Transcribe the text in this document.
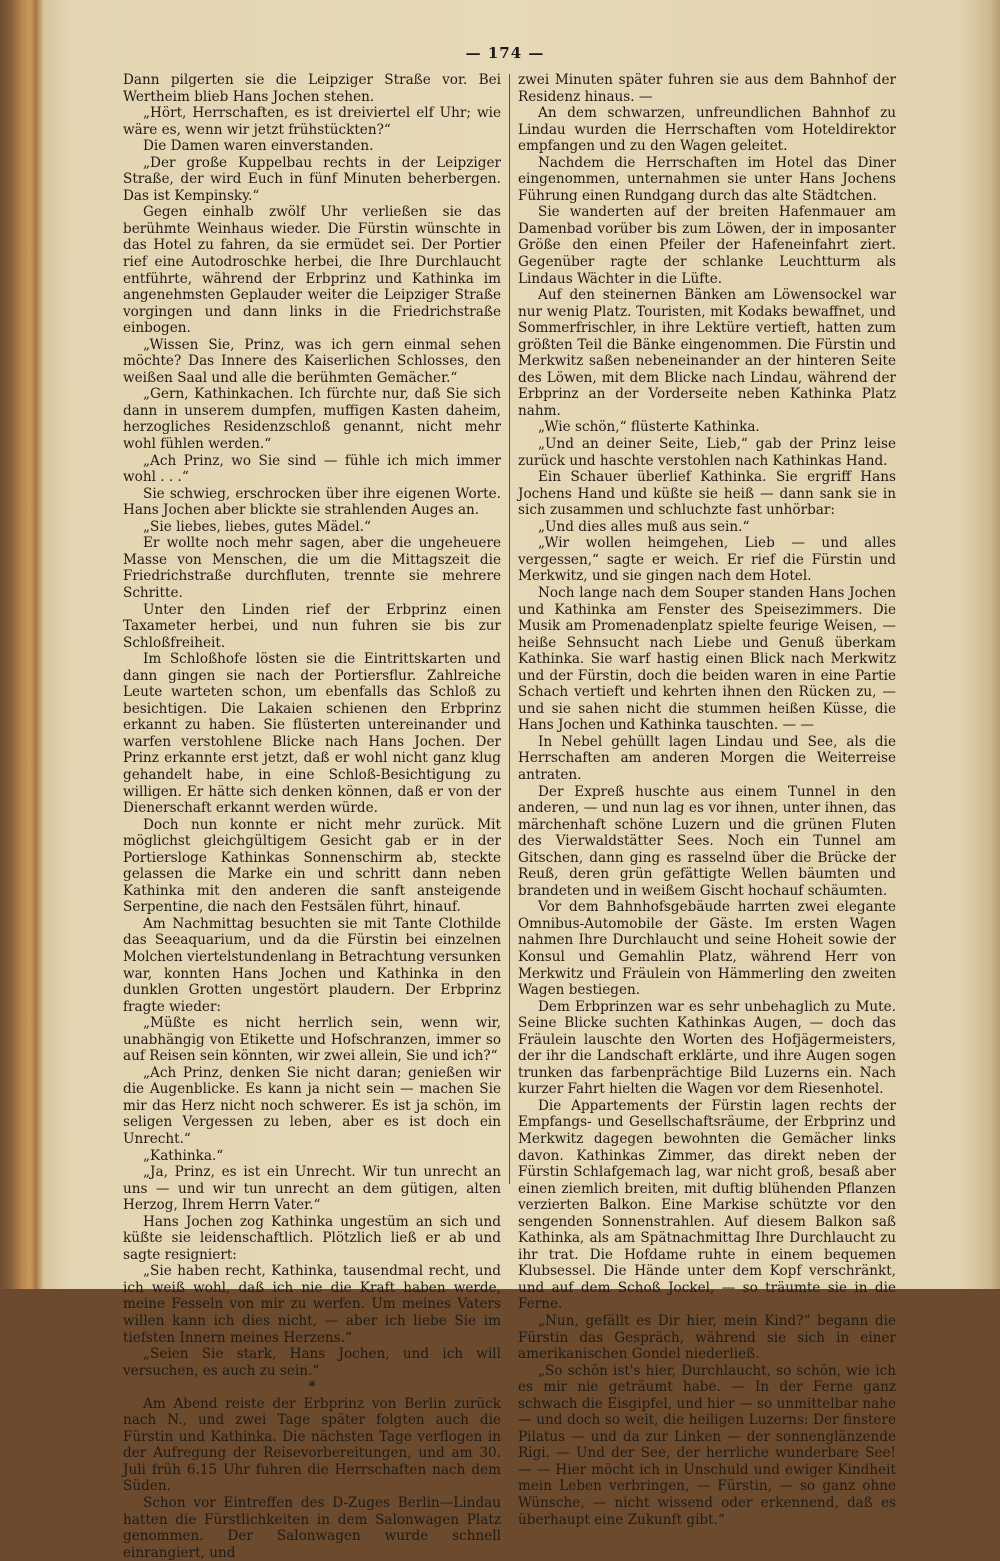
— 174 —

Dann pilgerten sie die Leipziger Straße vor. Bei Wertheim blieb Hans Jochen stehen.

„Hört, Herrschaften, es ist dreiviertel elf Uhr; wie wäre es, wenn wir jetzt frühstückten?“

Die Damen waren einverstanden.

„Der große Kuppelbau rechts in der Leipziger Straße, der wird Euch in fünf Minuten beherbergen. Das ist Kempinsky.“

Gegen einhalb zwölf Uhr verließen sie das berühmte Weinhaus wieder. Die Fürstin wünschte in das Hotel zu fahren, da sie ermüdet sei. Der Portier rief eine Autodroschke herbei, die Ihre Durchlaucht entführte, während der Erbprinz und Kathinka im angenehmsten Geplauder weiter die Leipziger Straße vorgingen und dann links in die Friedrichstraße einbogen.

„Wissen Sie, Prinz, was ich gern einmal sehen möchte? Das Innere des Kaiserlichen Schlosses, den weißen Saal und alle die berühmten Gemächer.“

„Gern, Kathinkachen. Ich fürchte nur, daß Sie sich dann in unserem dumpfen, muffigen Kasten daheim, herzogliches Residenzschloß genannt, nicht mehr wohl fühlen werden.“

„Ach Prinz, wo Sie sind — fühle ich mich immer wohl . . .“

Sie schwieg, erschrocken über ihre eigenen Worte. Hans Jochen aber blickte sie strahlenden Auges an.

„Sie liebes, liebes, gutes Mädel.“

Er wollte noch mehr sagen, aber die ungeheuere Masse von Menschen, die um die Mittagszeit die Friedrichstraße durchfluten, trennte sie mehrere Schritte.

Unter den Linden rief der Erbprinz einen Taxameter herbei, und nun fuhren sie bis zur Schloßfreiheit.

Im Schloßhofe lösten sie die Eintrittskarten und dann gingen sie nach der Portiersflur. Zahlreiche Leute warteten schon, um ebenfalls das Schloß zu besichtigen. Die Lakaien schienen den Erbprinz erkannt zu haben. Sie flüsterten untereinander und warfen verstohlene Blicke nach Hans Jochen. Der Prinz erkannte erst jetzt, daß er wohl nicht ganz klug gehandelt habe, in eine Schloß-Besichtigung zu willigen. Er hätte sich denken können, daß er von der Dienerschaft erkannt werden würde.

Doch nun konnte er nicht mehr zurück. Mit möglichst gleichgültigem Gesicht gab er in der Portiersloge Kathinkas Sonnenschirm ab, steckte gelassen die Marke ein und schritt dann neben Kathinka mit den anderen die sanft ansteigende Serpentine, die nach den Festsälen führt, hinauf.

Am Nachmittag besuchten sie mit Tante Clothilde das Seeaquarium, und da die Fürstin bei einzelnen Molchen viertelstundenlang in Betrachtung versunken war, konnten Hans Jochen und Kathinka in den dunklen Grotten ungestört plaudern. Der Erbprinz fragte wieder:

„Müßte es nicht herrlich sein, wenn wir, unabhängig von Etikette und Hofschranzen, immer so auf Reisen sein könnten, wir zwei allein, Sie und ich?“

„Ach Prinz, denken Sie nicht daran; genießen wir die Augenblicke. Es kann ja nicht sein — machen Sie mir das Herz nicht noch schwerer. Es ist ja schön, im seligen Vergessen zu leben, aber es ist doch ein Unrecht.“

„Kathinka.“

„Ja, Prinz, es ist ein Unrecht. Wir tun unrecht an uns — und wir tun unrecht an dem gütigen, alten Herzog, Ihrem Herrn Vater.“

Hans Jochen zog Kathinka ungestüm an sich und küßte sie leidenschaftlich. Plötzlich ließ er ab und sagte resigniert:

„Sie haben recht, Kathinka, tausendmal recht, und ich weiß wohl, daß ich nie die Kraft haben werde, meine Fesseln von mir zu werfen. Um meines Vaters willen kann ich dies nicht, — aber ich liebe Sie im tiefsten Innern meines Herzens.“

„Seien Sie stark, Hans Jochen, und ich will versuchen, es auch zu sein.“

*

Am Abend reiste der Erbprinz von Berlin zurück nach N., und zwei Tage später folgten auch die Fürstin und Kathinka. Die nächsten Tage verflogen in der Aufregung der Reisevorbereitungen, und am 30. Juli früh 6.15 Uhr fuhren die Herrschaften nach dem Süden.

Schon vor Eintreffen des D-Zuges Berlin—Lindau hatten die Fürstlichkeiten in dem Salonwagen Platz genommen. Der Salonwagen wurde schnell einrangiert, und

zwei Minuten später fuhren sie aus dem Bahnhof der Residenz hinaus. —

An dem schwarzen, unfreundlichen Bahnhof zu Lindau wurden die Herrschaften vom Hoteldirektor empfangen und zu den Wagen geleitet.

Nachdem die Herrschaften im Hotel das Diner eingenommen, unternahmen sie unter Hans Jochens Führung einen Rundgang durch das alte Städtchen.

Sie wanderten auf der breiten Hafenmauer am Damenbad vorüber bis zum Löwen, der in imposanter Größe den einen Pfeiler der Hafeneinfahrt ziert. Gegenüber ragte der schlanke Leuchtturm als Lindaus Wächter in die Lüfte.

Auf den steinernen Bänken am Löwensockel war nur wenig Platz. Touristen, mit Kodaks bewaffnet, und Sommerfrischler, in ihre Lektüre vertieft, hatten zum größten Teil die Bänke eingenommen. Die Fürstin und Merkwitz saßen nebeneinander an der hinteren Seite des Löwen, mit dem Blicke nach Lindau, während der Erbprinz an der Vorderseite neben Kathinka Platz nahm.

„Wie schön,“ flüsterte Kathinka.

„Und an deiner Seite, Lieb,“ gab der Prinz leise zurück und haschte verstohlen nach Kathinkas Hand.

Ein Schauer überlief Kathinka. Sie ergriff Hans Jochens Hand und küßte sie heiß — dann sank sie in sich zusammen und schluchzte fast unhörbar:

„Und dies alles muß aus sein.“

„Wir wollen heimgehen, Lieb — und alles vergessen,“ sagte er weich. Er rief die Fürstin und Merkwitz, und sie gingen nach dem Hotel.

Noch lange nach dem Souper standen Hans Jochen und Kathinka am Fenster des Speisezimmers. Die Musik am Promenadenplatz spielte feurige Weisen, — heiße Sehnsucht nach Liebe und Genuß überkam Kathinka. Sie warf hastig einen Blick nach Merkwitz und der Fürstin, doch die beiden waren in eine Partie Schach vertieft und kehrten ihnen den Rücken zu, — und sie sahen nicht die stummen heißen Küsse, die Hans Jochen und Kathinka tauschten. — —

In Nebel gehüllt lagen Lindau und See, als die Herrschaften am anderen Morgen die Weiterreise antraten.

Der Expreß huschte aus einem Tunnel in den anderen, — und nun lag es vor ihnen, unter ihnen, das märchenhaft schöne Luzern und die grünen Fluten des Vierwaldstätter Sees. Noch ein Tunnel am Gitschen, dann ging es rasselnd über die Brücke der Reuß, deren grün gefättigte Wellen bäumten und brandeten und in weißem Gischt hochauf schäumten.

Vor dem Bahnhofsgebäude harrten zwei elegante Omnibus-Automobile der Gäste. Im ersten Wagen nahmen Ihre Durchlaucht und seine Hoheit sowie der Konsul und Gemahlin Platz, während Herr von Merkwitz und Fräulein von Hämmerling den zweiten Wagen bestiegen.

Dem Erbprinzen war es sehr unbehaglich zu Mute. Seine Blicke suchten Kathinkas Augen, — doch das Fräulein lauschte den Worten des Hofjägermeisters, der ihr die Landschaft erklärte, und ihre Augen sogen trunken das farbenprächtige Bild Luzerns ein. Nach kurzer Fahrt hielten die Wagen vor dem Riesenhotel.

Die Appartements der Fürstin lagen rechts der Empfangs- und Gesellschaftsräume, der Erbprinz und Merkwitz dagegen bewohnten die Gemächer links davon. Kathinkas Zimmer, das direkt neben der Fürstin Schlafgemach lag, war nicht groß, besaß aber einen ziemlich breiten, mit duftig blühenden Pflanzen verzierten Balkon. Eine Markise schützte vor den sengenden Sonnenstrahlen. Auf diesem Balkon saß Kathinka, als am Spätnachmittag Ihre Durchlaucht zu ihr trat. Die Hofdame ruhte in einem bequemen Klubsessel. Die Hände unter dem Kopf verschränkt, und auf dem Schoß Jockel, — so träumte sie in die Ferne.

„Nun, gefällt es Dir hier, mein Kind?“ begann die Fürstin das Gespräch, während sie sich in einer amerikanischen Gondel niederließ.

„So schön ist's hier, Durchlaucht, so schön, wie ich es mir nie geträumt habe. — In der Ferne ganz schwach die Eisgipfel, und hier — so unmittelbar nahe — und doch so weit, die heiligen Luzerns: Der finstere Pilatus — und da zur Linken — der sonnenglänzende Rigi. — Und der See, der herrliche wunderbare See! — — Hier möcht ich in Unschuld und ewiger Kindheit mein Leben verbringen, — Fürstin, — so ganz ohne Wünsche, — nicht wissend oder erkennend, daß es überhaupt eine Zukunft gibt.“
